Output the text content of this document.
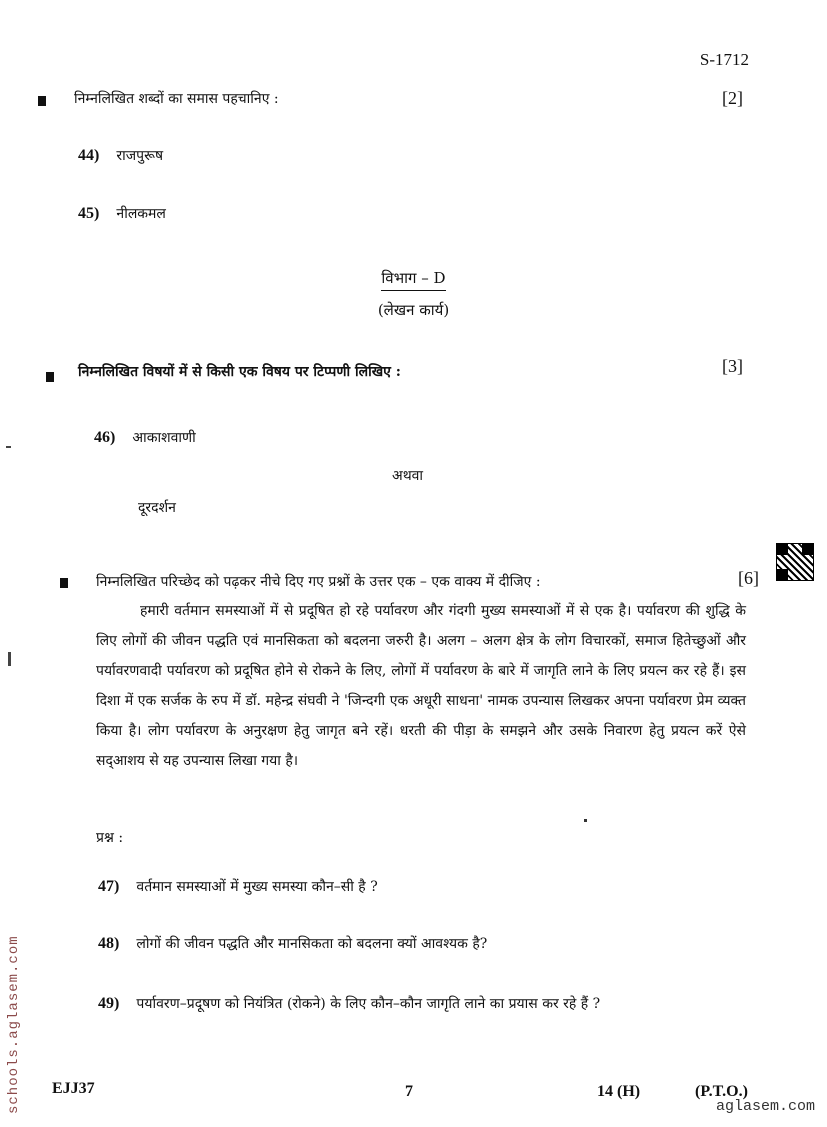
S-1712
निम्नलिखित शब्दों का समास पहचानिए :	[2]
44) राजपुरूष
45) नीलकमल
विभाग – D
(लेखन कार्य)
निम्नलिखित विषयों में से किसी एक विषय पर टिप्पणी लिखिए :	[3]
46) आकाशवाणी
अथवा
दूरदर्शन
निम्नलिखित परिच्छेद को पढ़कर नीचे दिए गए प्रश्नों के उत्तर एक – एक वाक्य में दीजिए :	[6]
हमारी वर्तमान समस्याओं में से प्रदूषित हो रहे पर्यावरण और गंदगी मुख्य समस्याओं में से एक है। पर्यावरण की शुद्धि के लिए लोगों की जीवन पद्धति एवं मानसिकता को बदलना जरुरी है। अलग – अलग क्षेत्र के लोग विचारकों, समाज हितेच्छुओं और पर्यावरणवादी पर्यावरण को प्रदूषित होने से रोकने के लिए, लोगों में पर्यावरण के बारे में जागृति लाने के लिए प्रयत्न कर रहे हैं। इस दिशा में एक सर्जक के रुप में डॉ. महेन्द्र संघवी ने 'जिन्दगी एक अधूरी साधना' नामक उपन्यास लिखकर अपना पर्यावरण प्रेम व्यक्त किया है। लोग पर्यावरण के अनुरक्षण हेतु जागृत बने रहें। धरती की पीड़ा के समझने और उसके निवारण हेतु प्रयत्न करें ऐसे सद्आशय से यह उपन्यास लिखा गया है।
प्रश्न :
47) वर्तमान समस्याओं में मुख्य समस्या कौन–सी है ?
48) लोगों की जीवन पद्धति और मानसिकता को बदलना क्यों आवश्यक है?
49) पर्यावरण–प्रदूषण को नियंत्रित (रोकने) के लिए कौन–कौन जागृति लाने का प्रयास कर रहे हैं ?
EJJ37	7	14 (H)	(P.T.O.)
schools.aglasem.com	aglasem.com
